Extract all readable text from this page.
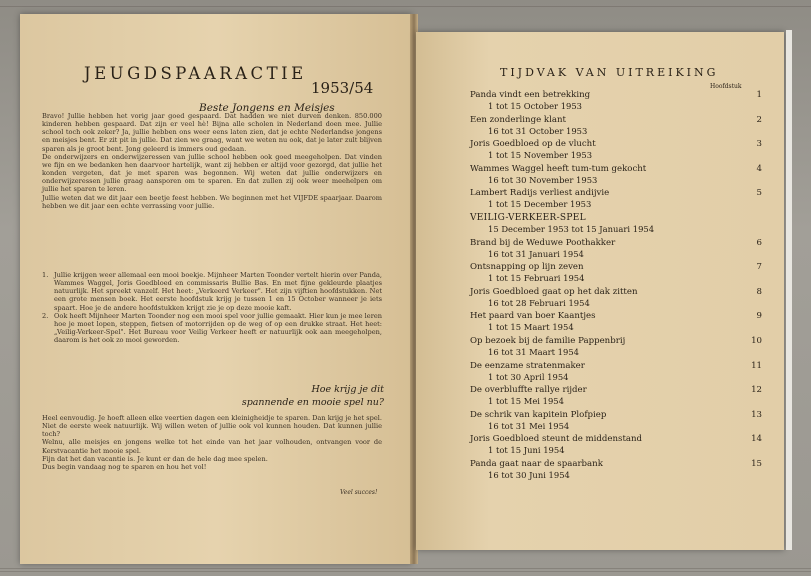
JEUGDSPAARACTIE
1953/54
Beste Jongens en Meisjes
Bravo! Jullie hebben het vorig jaar goed gespaard. Dat hadden we niet durven denken. 850.000 kinderen hebben gespaard. Dat zijn er veel hè! Bijna alle scholen in Nederland doen mee. Jullie school toch ook zeker? Ja, jullie hebben ons weer eens laten zien, dat je echte Nederlandse jongens en meisjes bent. Er zit pit in jullie. Dat zien we graag, want we weten nu ook, dat je later zult blijven sparen als je groot bent. Jong geleerd is immers oud gedaan.
De onderwijzers en onderwijzeressen van jullie school hebben ook goed meegeholpen. Dat vinden we fijn en we bedanken hen daarvoor hartelijk, want zij hebben er altijd voor gezorgd, dat jullie het konden vergeten, dat je met sparen was begonnen. Wij weten dat jullie onderwijzers en onderwijzeressen jullie graag aansporen om te sparen. En dat zullen zij ook weer meehelpen om jullie het sparen te leren.
Jullie weten dat we dit jaar een beetje feest hebben. We beginnen met het VIJFDE spaarjaar. Daarom hebben we dit jaar een echte verrassing voor jullie.
1. Jullie krijgen weer allemaal een mooi boekje. Mijnheer Marten Toonder vertelt hierin over Panda, Wammes Waggel, Joris Goedbloed en commissaris Bullie Bas. En met fijne gekleurde plaatjes natuurlijk. Het spreekt vanzelf. Het heet: „Verkeerd Verkeer". Het zijn vijftien hoofdstukken. Net een grote mensen boek. Het eerste hoofdstuk krijg je tussen 1 en 15 October wanneer je iets spaart. Hoe je de andere hoofdstukken krijgt zie je op deze mooie kaft.
2. Ook heeft Mijnheer Marten Toonder nog een mooi spel voor jullie gemaakt. Hier kun je mee leren hoe je moet lopen, steppen, fietsen of motorrijden op de weg of op een drukke straat. Het heet: „Veilig-Verkeer-Spel". Het Bureau voor Veilig Verkeer heeft er natuurlijk ook aan meegeholpen, daarom is het ook zo mooi geworden.
Hoe krijg je dit
spannende en mooie spel nu?
Heel eenvoudig. Je hoeft alleen elke veertien dagen een kleinigheidje te sparen. Dan krijg je het spel. Niet de eerste week natuurlijk. Wij willen weten of jullie ook vol kunnen houden. Dat kunnen jullie toch?
Welnu, alle meisjes en jongens welke tot het einde van het jaar volhouden, ontvangen voor de Kerstvacantie het mooie spel.
Fijn dat het dan vacantie is. Je kunt er dan de hele dag mee spelen.
Dus begin vandaag nog te sparen en hou het vol!
Veel succes!
TIJDVAK VAN UITREIKING
Hoofdstuk
Panda vindt een betrekking
1 tot 15 October 1953
1
Een zonderlinge klant
16 tot 31 October 1953
2
Joris Goedbloed op de vlucht
1 tot 15 November 1953
3
Wammes Waggel heeft tum-tum gekocht
16 tot 30 November 1953
4
Lambert Radijs verliest andijvie
1 tot 15 December 1953
5
VEILIG-VERKEER-SPEL
15 December 1953 tot 15 Januari 1954
Brand bij de Weduwe Poothakker
16 tot 31 Januari 1954
6
Ontsnapping op lijn zeven
1 tot 15 Februari 1954
7
Joris Goedbloed gaat op het dak zitten
16 tot 28 Februari 1954
8
Het paard van boer Kaantjes
1 tot 15 Maart 1954
9
Op bezoek bij de familie Pappenbrij
16 tot 31 Maart 1954
10
De eenzame stratenmaker
1 tot 30 April 1954
11
De overbluffte rallye rijder
1 tot 15 Mei 1954
12
De schrik van kapitein Plofpiep
16 tot 31 Mei 1954
13
Joris Goedbloed steunt de middenstand
1 tot 15 Juni 1954
14
Panda gaat naar de spaarbank
16 tot 30 Juni 1954
15
